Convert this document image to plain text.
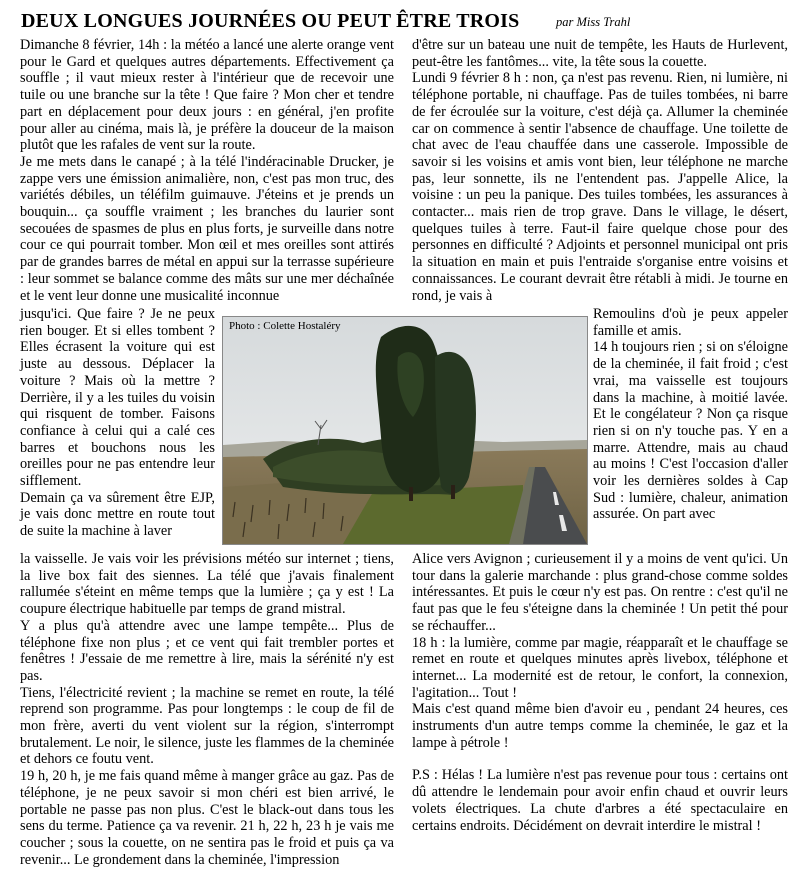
DEUX LONGUES JOURNÉES OU PEUT ÊTRE TROIS	par Miss Trahl
Dimanche 8 février, 14h : la météo a lancé une alerte orange vent pour le Gard et quelques autres départements. Effectivement ça souffle ; il vaut mieux rester à l'intérieur que de recevoir une tuile ou une branche sur la tête ! Que faire ? Mon cher et tendre part en déplacement pour deux jours : en général, j'en profite pour aller au cinéma, mais là, je préfère la douceur de la maison plutôt que les rafales de vent sur la route.
Je me mets dans le canapé ; à la télé l'indéracinable Drucker, je zappe vers une émission animalière, non, c'est pas mon truc, des variétés débiles, un téléfilm guimauve. J'éteins et je prends un bouquin... ça souffle vraiment ; les branches du laurier sont secouées de spasmes de plus en plus forts, je surveille dans notre cour ce qui pourrait tomber. Mon œil et mes oreilles sont attirés par de grandes barres de métal en appui sur la terrasse supérieure : leur sommet se balance comme des mâts sur une mer déchaînée et le vent leur donne une musicalité inconnue
jusqu'ici. Que faire ? Je ne peux rien bouger. Et si elles tombent ? Elles écrasent la voiture qui est juste au dessous. Déplacer la voiture ? Mais où la mettre ? Derrière, il y a les tuiles du voisin qui risquent de tomber. Faisons confiance à celui qui a calé ces barres et bouchons nous les oreilles pour ne pas entendre leur sifflement.
Demain ça va sûrement être EJP, je vais donc mettre en route tout de suite la machine à laver
la vaisselle. Je vais voir les prévisions météo sur internet ; tiens, la live box fait des siennes. La télé que j'avais finalement rallumée s'éteint en même temps que la lumière ; ça y est ! La coupure électrique habituelle par temps de grand mistral.
Y a plus qu'à attendre avec une lampe tempête... Plus de téléphone fixe non plus ; et ce vent qui fait trembler portes et fenêtres ! J'essaie de me remettre à lire, mais la sérénité n'y est pas.
Tiens, l'électricité revient ; la machine se remet en route, la télé reprend son programme. Pas pour longtemps : le coup de fil de mon frère, averti du vent violent sur la région, s'interrompt brutalement. Le noir, le silence, juste les flammes de la cheminée et dehors ce foutu vent.
19 h, 20 h, je me fais quand même à manger grâce au gaz. Pas de téléphone, je ne peux savoir si mon chéri est bien arrivé, le portable ne passe pas non plus. C'est le black-out dans tous les sens du terme. Patience ça va revenir. 21 h, 22 h, 23 h je vais me coucher ; sous la couette, on ne sentira pas le froid et puis ça va revenir... Le grondement dans la cheminée, l'impression
d'être sur un bateau une nuit de tempête, les Hauts de Hurlevent, peut-être les fantômes... vite, la tête sous la couette.
Lundi 9 février 8 h : non, ça n'est pas revenu. Rien, ni lumière, ni téléphone portable, ni chauffage. Pas de tuiles tombées, ni barre de fer écroulée sur la voiture, c'est déjà ça. Allumer la cheminée car on commence à sentir l'absence de chauffage. Une toilette de chat avec de l'eau chauffée dans une casserole. Impossible de savoir si les voisins et amis vont bien, leur téléphone ne marche pas, leur sonnette, ils ne l'entendent pas. J'appelle Alice, la voisine : un peu la panique. Des tuiles tombées, les assurances à contacter... mais rien de trop grave. Dans le village, le désert, quelques tuiles à terre. Faut-il faire quelque chose pour des personnes en difficulté ? Adjoints et personnel municipal ont pris la situation en main et puis l'entraide s'organise entre voisins et connaissances. Le courant devrait être rétabli à midi. Je tourne en rond, je vais à
Remoulins d'où je peux appeler famille et amis.
14 h toujours rien ; si on s'éloigne de la cheminée, il fait froid ; c'est vrai, ma vaisselle est toujours dans la machine, à moitié lavée. Et le congélateur ? Non ça risque rien si on n'y touche pas. Y en a marre. Attendre, mais au chaud au moins ! C'est l'occasion d'aller voir les dernières soldes à Cap Sud : lumière, chaleur, animation assurée. On part avec
Alice vers Avignon ; curieusement il y a moins de vent qu'ici. Un tour dans la galerie marchande : plus grand-chose comme soldes intéressantes. Et puis le cœur n'y est pas. On rentre : c'est qu'il ne faut pas que le feu s'éteigne dans la cheminée ! Un petit thé pour se réchauffer...
18 h : la lumière, comme par magie, réapparaît et le chauffage se remet en route et quelques minutes après livebox, téléphone et internet... La modernité est de retour, le confort, la connexion, l'agitation... Tout !
Mais c'est quand même bien d'avoir eu , pendant 24 heures, ces instruments d'un autre temps comme la cheminée, le gaz et la lampe à pétrole !
P.S : Hélas ! La lumière n'est pas revenue pour tous : certains ont dû attendre le lendemain pour avoir enfin chaud et ouvrir leurs volets électriques. La chute d'arbres a été spectaculaire en certains endroits. Décidément on devrait interdire le mistral !
Photo : Colette Hostaléry
